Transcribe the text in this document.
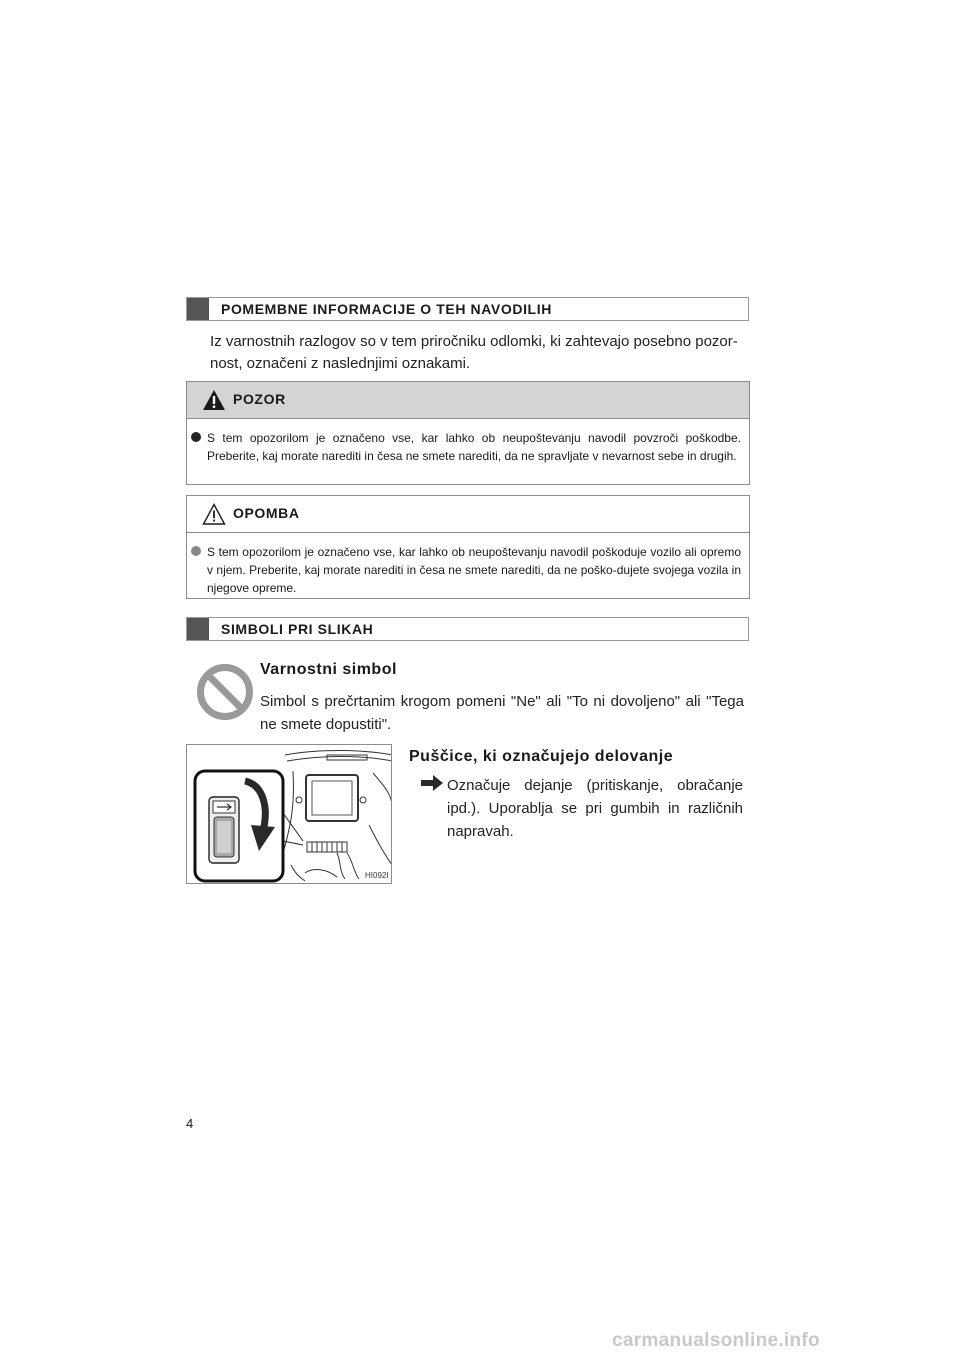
POMEMBNE INFORMACIJE O TEH NAVODILIH
Iz varnostnih razlogov so v tem priročniku odlomki, ki zahtevajo posebno pozor-nost, označeni z naslednjimi oznakami.
POZOR

S tem opozorilom je označeno vse, kar lahko ob neupoštevanju navodil povzroči poškodbe. Preberite, kaj morate narediti in česa ne smete narediti, da ne spravljate v nevarnost sebe in drugih.

OPOMBA

S tem opozorilom je označeno vse, kar lahko ob neupoštevanju navodil poškoduje vozilo ali opremo v njem. Preberite, kaj morate narediti in česa ne smete narediti, da ne poško-dujete svojega vozila in njegove opreme.

SIMBOLI PRI SLIKAH
Varnostni simbol
Simbol s prečrtanim krogom pomeni "Ne" ali "To ni dovoljeno" ali "Tega ne smete dopustiti".
HI092I
Puščice, ki označujejo delovanje
Označuje dejanje (pritiskanje, obračanje ipd.). Uporablja se pri gumbih in različnih napravah.
4
carmanualsonline.info
